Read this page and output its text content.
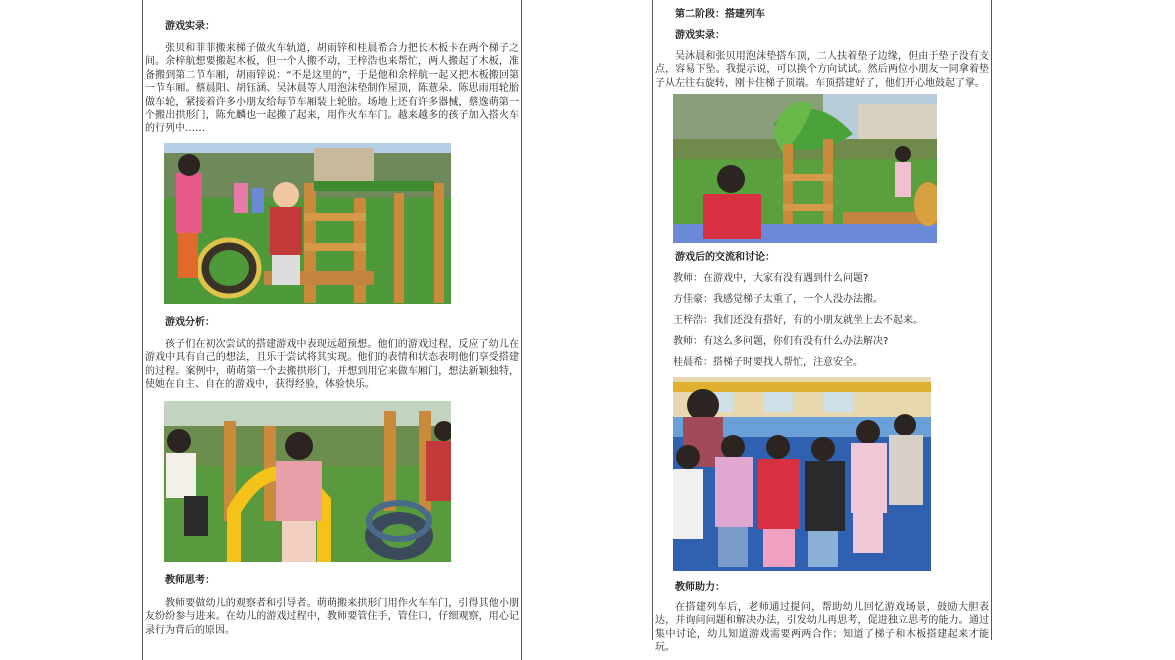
游戏实录：

张贝和菲菲搬来梯子做火车轨道，胡雨锌和桂晨希合力把长木板卡在两个梯子之间。余梓航想要搬起木板，但一个人搬不动，王梓浩也来帮忙，两人搬起了木板，准备搬到第二节车厢，胡雨锌说：“不是这里的”，于是他和余梓航一起又把木板搬回第一节车厢。蔡晨阳、胡钰涵、吴沐晨等人用泡沫垫制作屋顶，陈薏朵、陈思雨用轮胎做车轮，紧接着许多小朋友给每节车厢装上轮胎。场地上还有许多器械，蔡逸萌第一个搬出拱形门，陈允麟也一起搬了起来，用作火车车门。越来越多的孩子加入搭火车的行列中……

游戏分析：

孩子们在初次尝试的搭建游戏中表现远超预想。他们的游戏过程，反应了幼儿在游戏中具有自己的想法，且乐于尝试将其实现。他们的表情和状态表明他们享受搭建的过程。案例中，萌萌第一个去搬拱形门，并想到用它来做车厢门，想法新颖独特，使她在自主、自在的游戏中，获得经验，体验快乐。

教师思考：

教师要做幼儿的观察者和引导者。萌萌搬来拱形门用作火车车门，引得其他小朋友纷纷参与进来。在幼儿的游戏过程中，教师要管住手，管住口，仔细观察，用心记录行为背后的原因。

第二阶段：搭建列车

游戏实录：

吴沐晨和张贝用泡沫垫搭车顶，二人扶着垫子边缘，但由于垫子没有支点，容易下坠。我提示说，可以换个方向试试。然后两位小朋友一同拿着垫子从左往右旋转，刚卡住梯子顶端。车顶搭建好了，他们开心地鼓起了掌。

游戏后的交流和讨论：

教师：在游戏中，大家有没有遇到什么问题?

方佳豪：我感觉梯子太重了，一个人没办法搬。

王梓浩：我们还没有搭好，有的小朋友就坐上去不起来。

教师：有这么多问题，你们有没有什么办法解决?

桂晨希：搭梯子时要找人帮忙，注意安全。

教师助力：

在搭建列车后，老师通过提问，帮助幼儿回忆游戏场景，鼓励大胆表达，并询问问题和解决办法，引发幼儿再思考，促进独立思考的能力。通过集中讨论，幼儿知道游戏需要两两合作；知道了梯子和木板搭建起来才能玩。
